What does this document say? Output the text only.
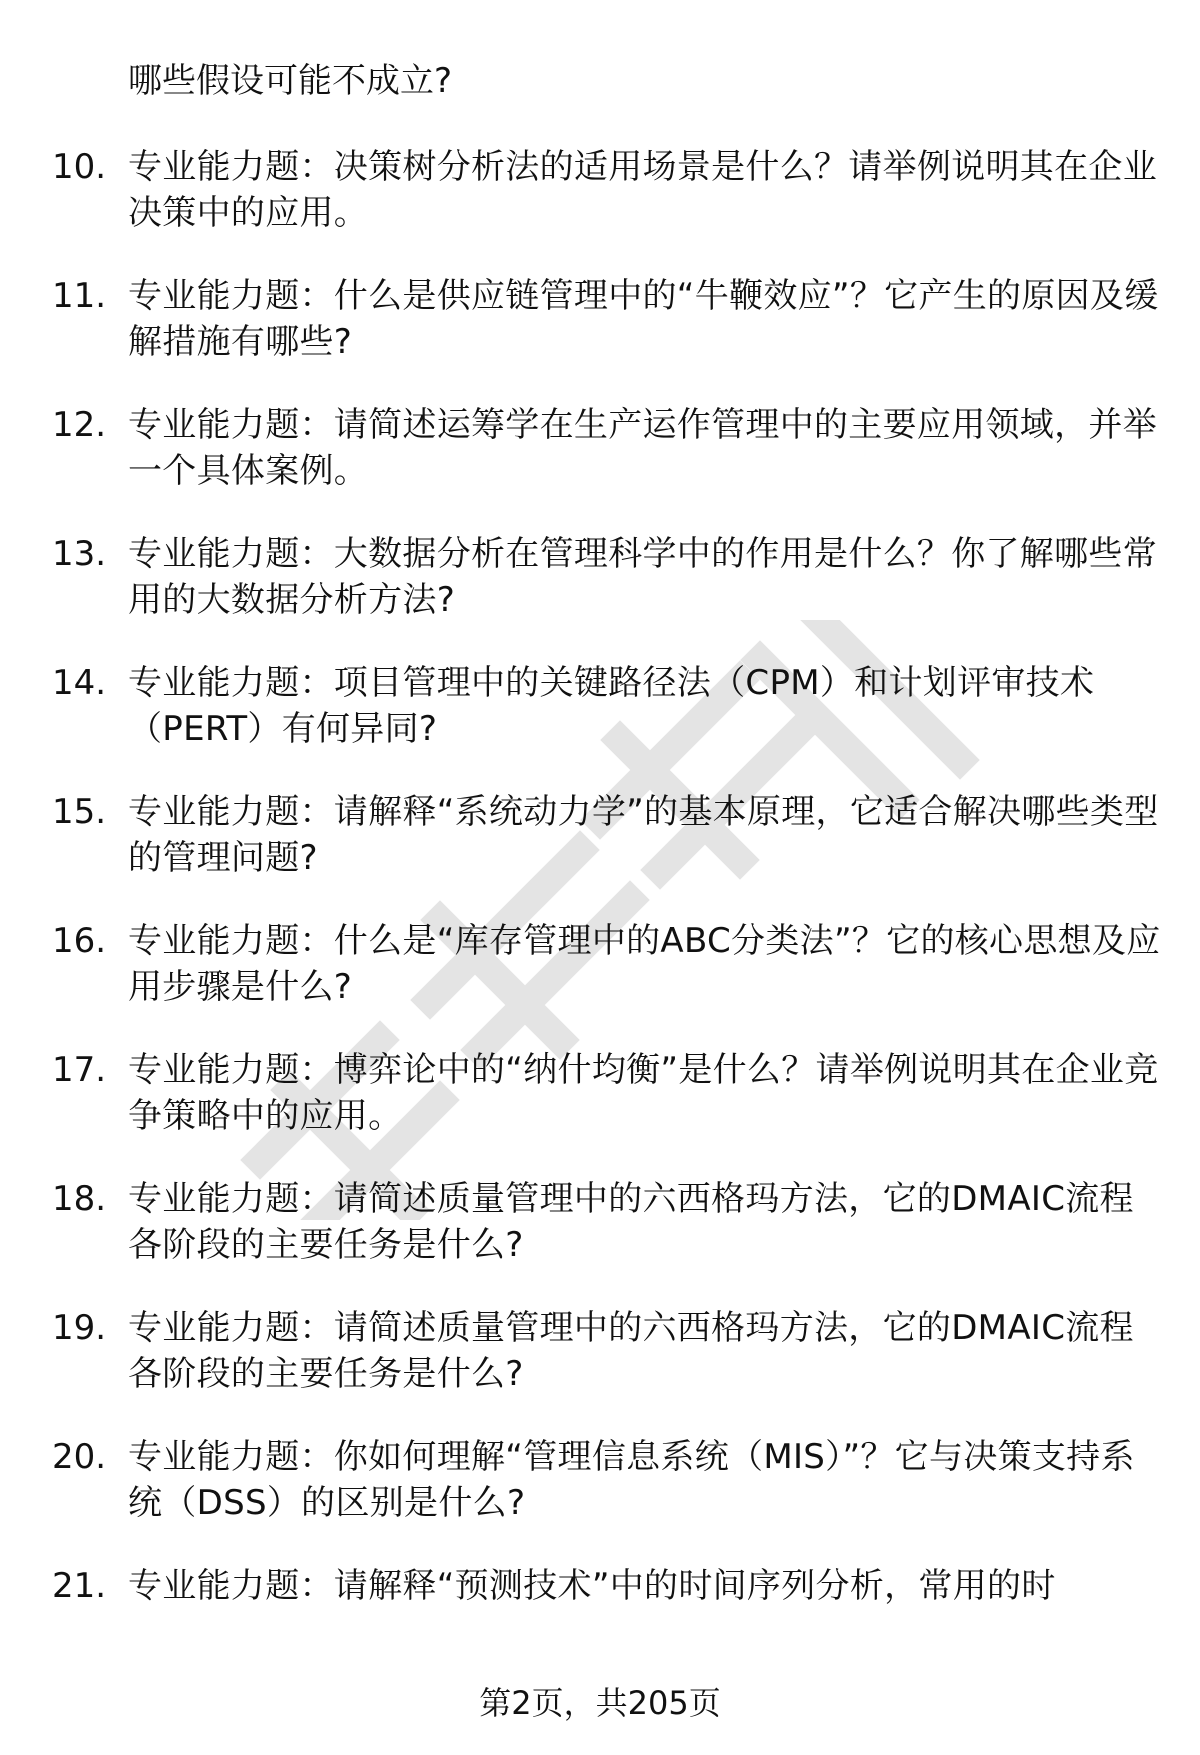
哪些假设可能不成立?

10. 专业能力题：决策树分析法的适用场景是什么？请举例说明其在企业决策中的应用。
11. 专业能力题：什么是供应链管理中的“牛鞭效应”？它产生的原因及缓解措施有哪些?
12. 专业能力题：请简述运筹学在生产运作管理中的主要应用领域，并举一个具体案例。
13. 专业能力题：大数据分析在管理科学中的作用是什么？你了解哪些常用的大数据分析方法?
14. 专业能力题：项目管理中的关键路径法（CPM）和计划评审技术（PERT）有何异同?
15. 专业能力题：请解释“系统动力学”的基本原理，它适合解决哪些类型的管理问题?
16. 专业能力题：什么是“库存管理中的ABC分类法”？它的核心思想及应用步骤是什么?
17. 专业能力题：博弈论中的“纳什均衡”是什么？请举例说明其在企业竞争策略中的应用。
18. 专业能力题：请简述质量管理中的六西格玛方法，它的DMAIC流程各阶段的主要任务是什么?
19. 专业能力题：请简述质量管理中的六西格玛方法，它的DMAIC流程各阶段的主要任务是什么?
20. 专业能力题：你如何理解“管理信息系统（MIS）”？它与决策支持系统（DSS）的区别是什么?
21. 专业能力题：请解释“预测技术”中的时间序列分析，常用的时
第2页，共205页
